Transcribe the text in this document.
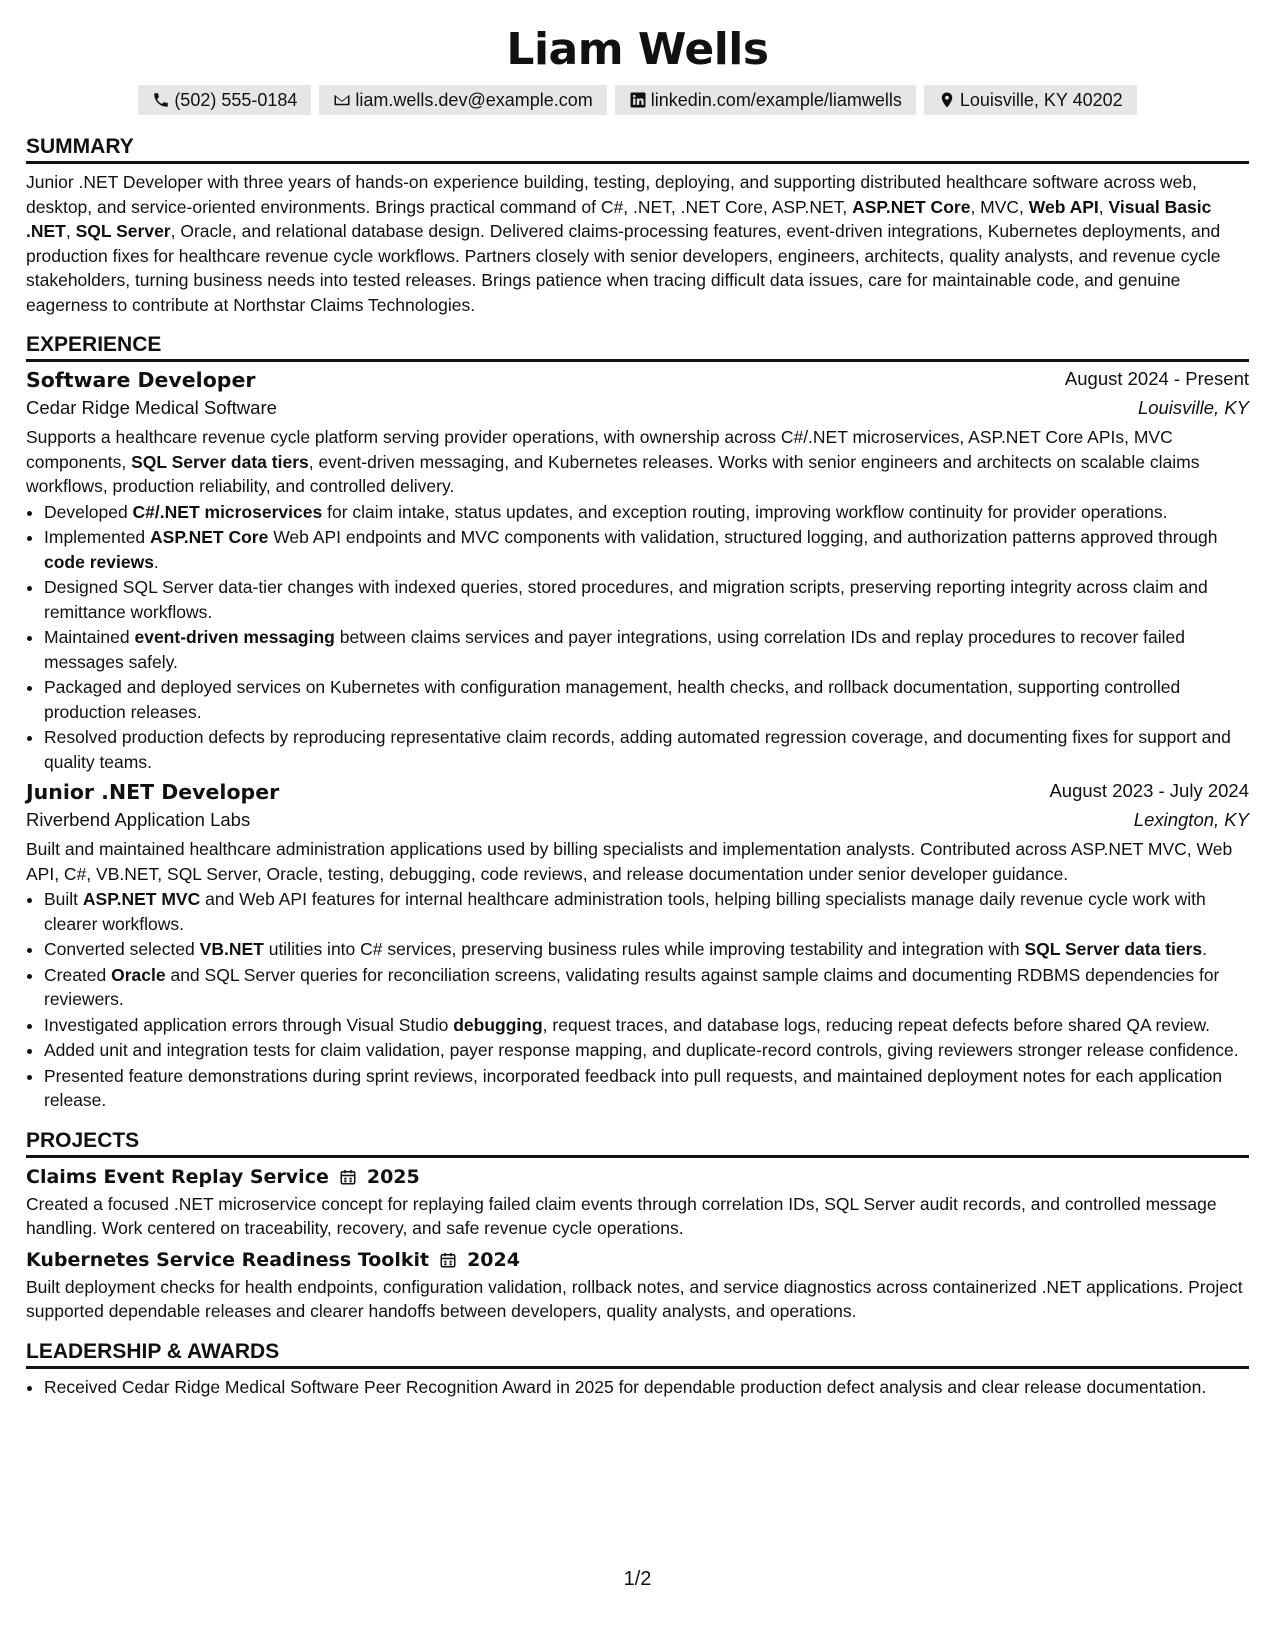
Liam Wells
(502) 555-0184	liam.wells.dev@example.com	linkedin.com/example/liamwells	Louisville, KY 40202
SUMMARY

Junior .NET Developer with three years of hands-on experience building, testing, deploying, and supporting distributed healthcare software across web, desktop, and service-oriented environments. Brings practical command of C#, .NET, .NET Core, ASP.NET, ASP.NET Core, MVC, Web API, Visual Basic .NET, SQL Server, Oracle, and relational database design. Delivered claims-processing features, event-driven integrations, Kubernetes deployments, and production fixes for healthcare revenue cycle workflows. Partners closely with senior developers, engineers, architects, quality analysts, and revenue cycle stakeholders, turning business needs into tested releases. Brings patience when tracing difficult data issues, care for maintainable code, and genuine eagerness to contribute at Northstar Claims Technologies.

EXPERIENCE
Software Developer	August 2024 - Present
Cedar Ridge Medical Software	Louisville, KY

Supports a healthcare revenue cycle platform serving provider operations, with ownership across C#/.NET microservices, ASP.NET Core APIs, MVC components, SQL Server data tiers, event-driven messaging, and Kubernetes releases. Works with senior engineers and architects on scalable claims workflows, production reliability, and controlled delivery.

• Developed C#/.NET microservices for claim intake, status updates, and exception routing, improving workflow continuity for provider operations.
• Implemented ASP.NET Core Web API endpoints and MVC components with validation, structured logging, and authorization patterns approved through code reviews.
• Designed SQL Server data-tier changes with indexed queries, stored procedures, and migration scripts, preserving reporting integrity across claim and remittance workflows.
• Maintained event-driven messaging between claims services and payer integrations, using correlation IDs and replay procedures to recover failed messages safely.
• Packaged and deployed services on Kubernetes with configuration management, health checks, and rollback documentation, supporting controlled production releases.
• Resolved production defects by reproducing representative claim records, adding automated regression coverage, and documenting fixes for support and quality teams.
Junior .NET Developer	August 2023 - July 2024
Riverbend Application Labs	Lexington, KY

Built and maintained healthcare administration applications used by billing specialists and implementation analysts. Contributed across ASP.NET MVC, Web API, C#, VB.NET, SQL Server, Oracle, testing, debugging, code reviews, and release documentation under senior developer guidance.

• Built ASP.NET MVC and Web API features for internal healthcare administration tools, helping billing specialists manage daily revenue cycle work with clearer workflows.
• Converted selected VB.NET utilities into C# services, preserving business rules while improving testability and integration with SQL Server data tiers.
• Created Oracle and SQL Server queries for reconciliation screens, validating results against sample claims and documenting RDBMS dependencies for reviewers.
• Investigated application errors through Visual Studio debugging, request traces, and database logs, reducing repeat defects before shared QA review.
• Added unit and integration tests for claim validation, payer response mapping, and duplicate-record controls, giving reviewers stronger release confidence.
• Presented feature demonstrations during sprint reviews, incorporated feedback into pull requests, and maintained deployment notes for each application release.
PROJECTS
Claims Event Replay Service 2025

Created a focused .NET microservice concept for replaying failed claim events through correlation IDs, SQL Server audit records, and controlled message handling. Work centered on traceability, recovery, and safe revenue cycle operations.

Kubernetes Service Readiness Toolkit 2024

Built deployment checks for health endpoints, configuration validation, rollback notes, and service diagnostics across containerized .NET applications. Project supported dependable releases and clearer handoffs between developers, quality analysts, and operations.

LEADERSHIP & AWARDS
• Received Cedar Ridge Medical Software Peer Recognition Award in 2025 for dependable production defect analysis and clear release documentation.
1/2
